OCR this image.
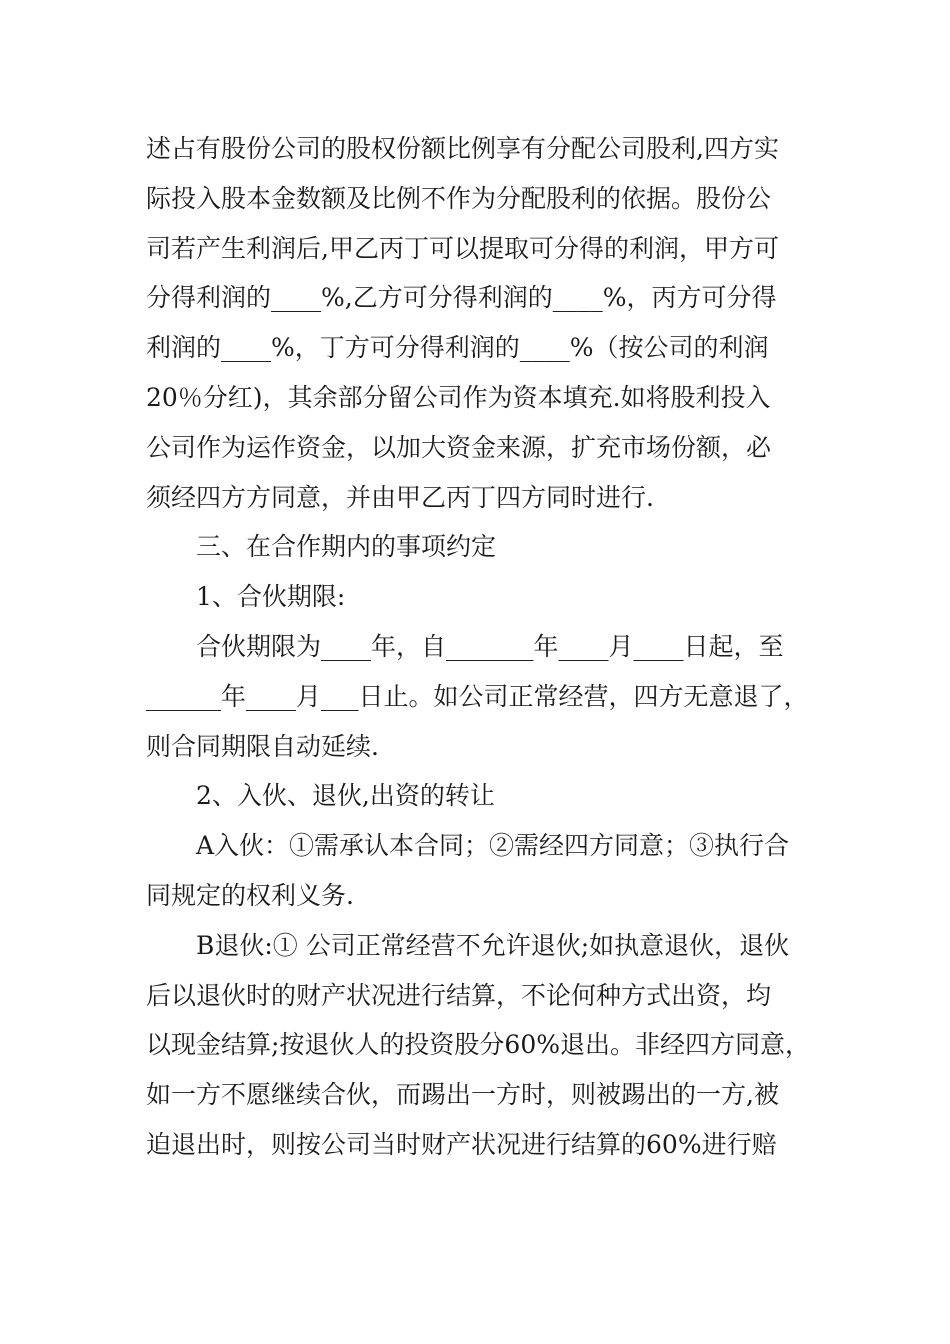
述占有股份公司的股权份额比例享有分配公司股利,四方实
际投入股本金数额及比例不作为分配股利的依据。股份公
司若产生利润后,甲乙丙丁可以提取可分得的利润，甲方可
分得利润的____%,乙方可分得利润的____%，丙方可分得
利润的____%，丁方可分得利润的____%（按公司的利润
20％分红)，其余部分留公司作为资本填充.如将股利投入
公司作为运作资金，以加大资金来源，扩充市场份额，必
须经四方方同意，并由甲乙丙丁四方同时进行.
三、在合作期内的事项约定
1、合伙期限:
合伙期限为____年，自_______年____月____日起，至
______年____月___日止。如公司正常经营，四方无意退了，
则合同期限自动延续.
2、入伙、退伙,出资的转让
A入伙：①需承认本合同；②需经四方同意；③执行合
同规定的权利义务.
B退伙:① 公司正常经营不允许退伙;如执意退伙，退伙
后以退伙时的财产状况进行结算，不论何种方式出资，均
以现金结算;按退伙人的投资股分60%退出。非经四方同意，
如一方不愿继续合伙，而踢出一方时，则被踢出的一方,被
迫退出时，则按公司当时财产状况进行结算的60%进行赔
